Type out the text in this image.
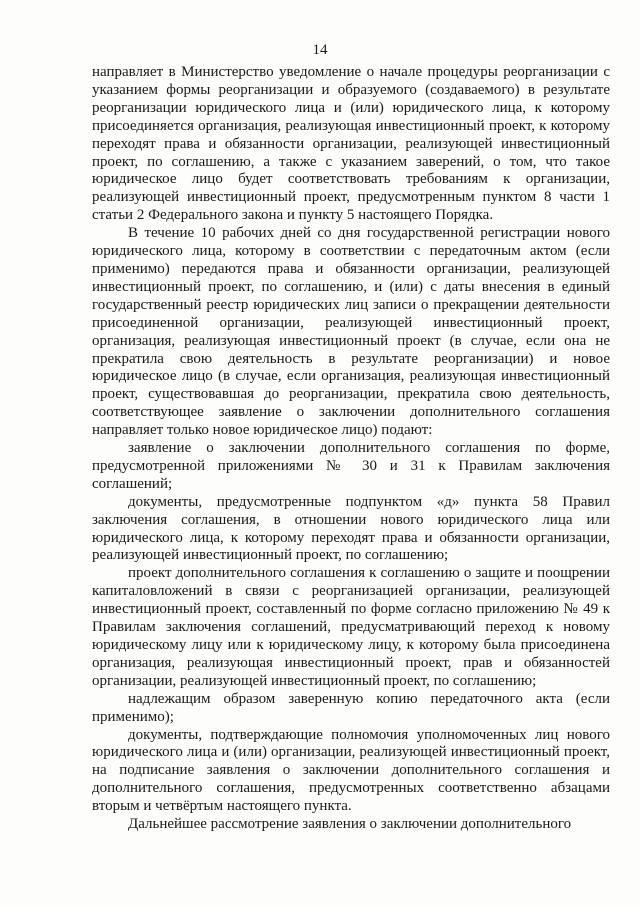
14

направляет в Министерство уведомление о начале процедуры реорганизации с указанием формы реорганизации и образуемого (создаваемого) в результате реорганизации юридического лица и (или) юридического лица, к которому присоединяется организация, реализующая инвестиционный проект, к которому переходят права и обязанности организации, реализующей инвестиционный проект, по соглашению, а также с указанием заверений, о том, что такое юридическое лицо будет соответствовать требованиям к организации, реализующей инвестиционный проект, предусмотренным пунктом 8 части 1 статьи 2 Федерального закона и пункту 5 настоящего Порядка.

В течение 10 рабочих дней со дня государственной регистрации нового юридического лица, которому в соответствии с передаточным актом (если применимо) передаются права и обязанности организации, реализующей инвестиционный проект, по соглашению, и (или) с даты внесения в единый государственный реестр юридических лиц записи о прекращении деятельности присоединенной организации, реализующей инвестиционный проект, организация, реализующая инвестиционный проект (в случае, если она не прекратила свою деятельность в результате реорганизации) и новое юридическое лицо (в случае, если организация, реализующая инвестиционный проект, существовавшая до реорганизации, прекратила свою деятельность, соответствующее заявление о заключении дополнительного соглашения направляет только новое юридическое лицо) подают:

заявление о заключении дополнительного соглашения по форме, предусмотренной приложениями № 30 и 31 к Правилам заключения соглашений;

документы, предусмотренные подпунктом «д» пункта 58 Правил заключения соглашения, в отношении нового юридического лица или юридического лица, к которому переходят права и обязанности организации, реализующей инвестиционный проект, по соглашению;

проект дополнительного соглашения к соглашению о защите и поощрении капиталовложений в связи с реорганизацией организации, реализующей инвестиционный проект, составленный по форме согласно приложению № 49 к Правилам заключения соглашений, предусматривающий переход к новому юридическому лицу или к юридическому лицу, к которому была присоединена организация, реализующая инвестиционный проект, прав и обязанностей организации, реализующей инвестиционный проект, по соглашению;

надлежащим образом заверенную копию передаточного акта (если применимо);

документы, подтверждающие полномочия уполномоченных лиц нового юридического лица и (или) организации, реализующей инвестиционный проект, на подписание заявления о заключении дополнительного соглашения и дополнительного соглашения, предусмотренных соответственно абзацами вторым и четвёртым настоящего пункта.

Дальнейшее рассмотрение заявления о заключении дополнительного
